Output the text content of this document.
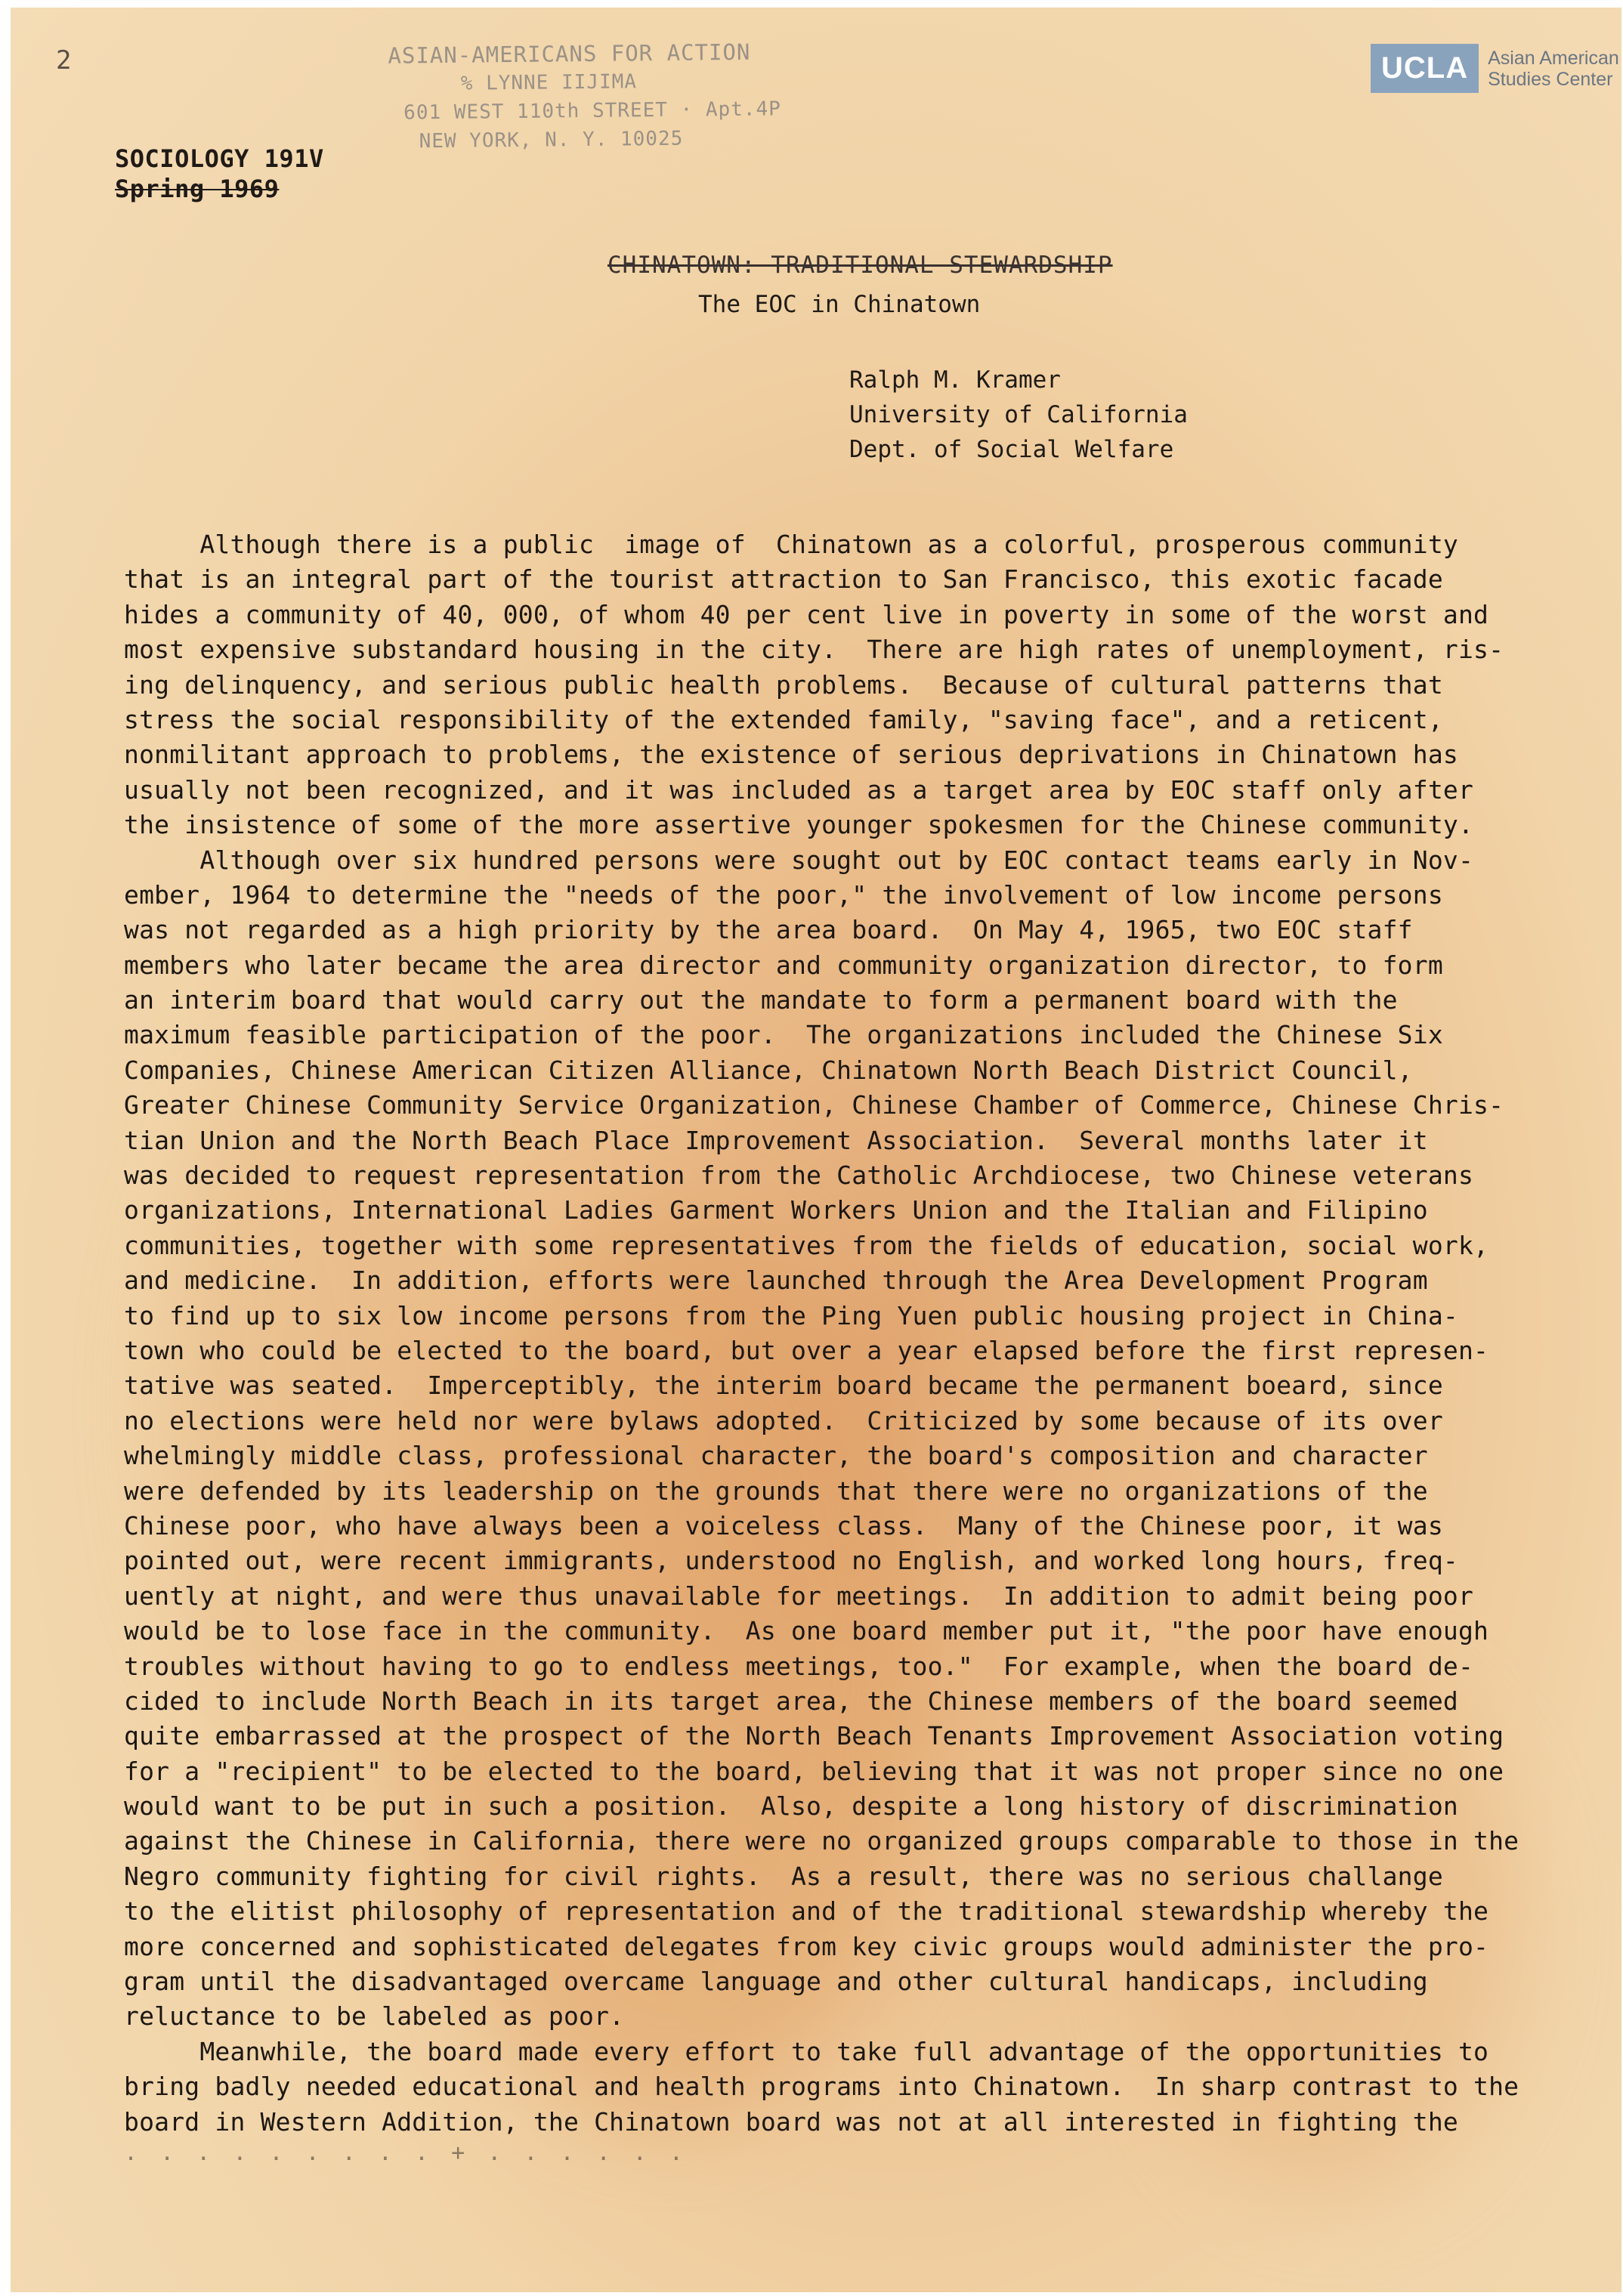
2	ASIAN-AMERICANS FOR ACTION
% LYNNE IIJIMA
601 WEST 110th STREET · Apt.4P
NEW YORK, N. Y. 10025
UCLA	Asian American
Studies Center
SOCIOLOGY 191V
Spring 1969
CHINATOWN: TRADITIONAL STEWARDSHIP
The EOC in Chinatown
Ralph M. Kramer
University of California
Dept. of Social Welfare
Although there is a public  image of  Chinatown as a colorful, prosperous community
that is an integral part of the tourist attraction to San Francisco, this exotic facade
hides a community of 40, 000, of whom 40 per cent live in poverty in some of the worst and
most expensive substandard housing in the city.  There are high rates of unemployment, ris-
ing delinquency, and serious public health problems.  Because of cultural patterns that
stress the social responsibility of the extended family, "saving face", and a reticent,
nonmilitant approach to problems, the existence of serious deprivations in Chinatown has
usually not been recognized, and it was included as a target area by EOC staff only after
the insistence of some of the more assertive younger spokesmen for the Chinese community.
Although over six hundred persons were sought out by EOC contact teams early in Nov-
ember, 1964 to determine the "needs of the poor," the involvement of low income persons
was not regarded as a high priority by the area board.  On May 4, 1965, two EOC staff
members who later became the area director and community organization director, to form
an interim board that would carry out the mandate to form a permanent board with the
maximum feasible participation of the poor.  The organizations included the Chinese Six
Companies, Chinese American Citizen Alliance, Chinatown North Beach District Council,
Greater Chinese Community Service Organization, Chinese Chamber of Commerce, Chinese Chris-
tian Union and the North Beach Place Improvement Association.  Several months later it
was decided to request representation from the Catholic Archdiocese, two Chinese veterans
organizations, International Ladies Garment Workers Union and the Italian and Filipino
communities, together with some representatives from the fields of education, social work,
and medicine.  In addition, efforts were launched through the Area Development Program
to find up to six low income persons from the Ping Yuen public housing project in China-
town who could be elected to the board, but over a year elapsed before the first represen-
tative was seated.  Imperceptibly, the interim board became the permanent boeard, since
no elections were held nor were bylaws adopted.  Criticized by some because of its over
whelmingly middle class, professional character, the board's composition and character
were defended by its leadership on the grounds that there were no organizations of the
Chinese poor, who have always been a voiceless class.  Many of the Chinese poor, it was
pointed out, were recent immigrants, understood no English, and worked long hours, freq-
uently at night, and were thus unavailable for meetings.  In addition to admit being poor
would be to lose face in the community.  As one board member put it, "the poor have enough
troubles without having to go to endless meetings, too."  For example, when the board de-
cided to include North Beach in its target area, the Chinese members of the board seemed
quite embarrassed at the prospect of the North Beach Tenants Improvement Association voting
for a "recipient" to be elected to the board, believing that it was not proper since no one
would want to be put in such a position.  Also, despite a long history of discrimination
against the Chinese in California, there were no organized groups comparable to those in the
Negro community fighting for civil rights.  As a result, there was no serious challange
to the elitist philosophy of representation and of the traditional stewardship whereby the
more concerned and sophisticated delegates from key civic groups would administer the pro-
gram until the disadvantaged overcame language and other cultural handicaps, including
reluctance to be labeled as poor.
Meanwhile, the board made every effort to take full advantage of the opportunities to
bring badly needed educational and health programs into Chinatown.  In sharp contrast to the
board in Western Addition, the Chinatown board was not at all interested in fighting the
. . . . . . . . . + . . . . . .
